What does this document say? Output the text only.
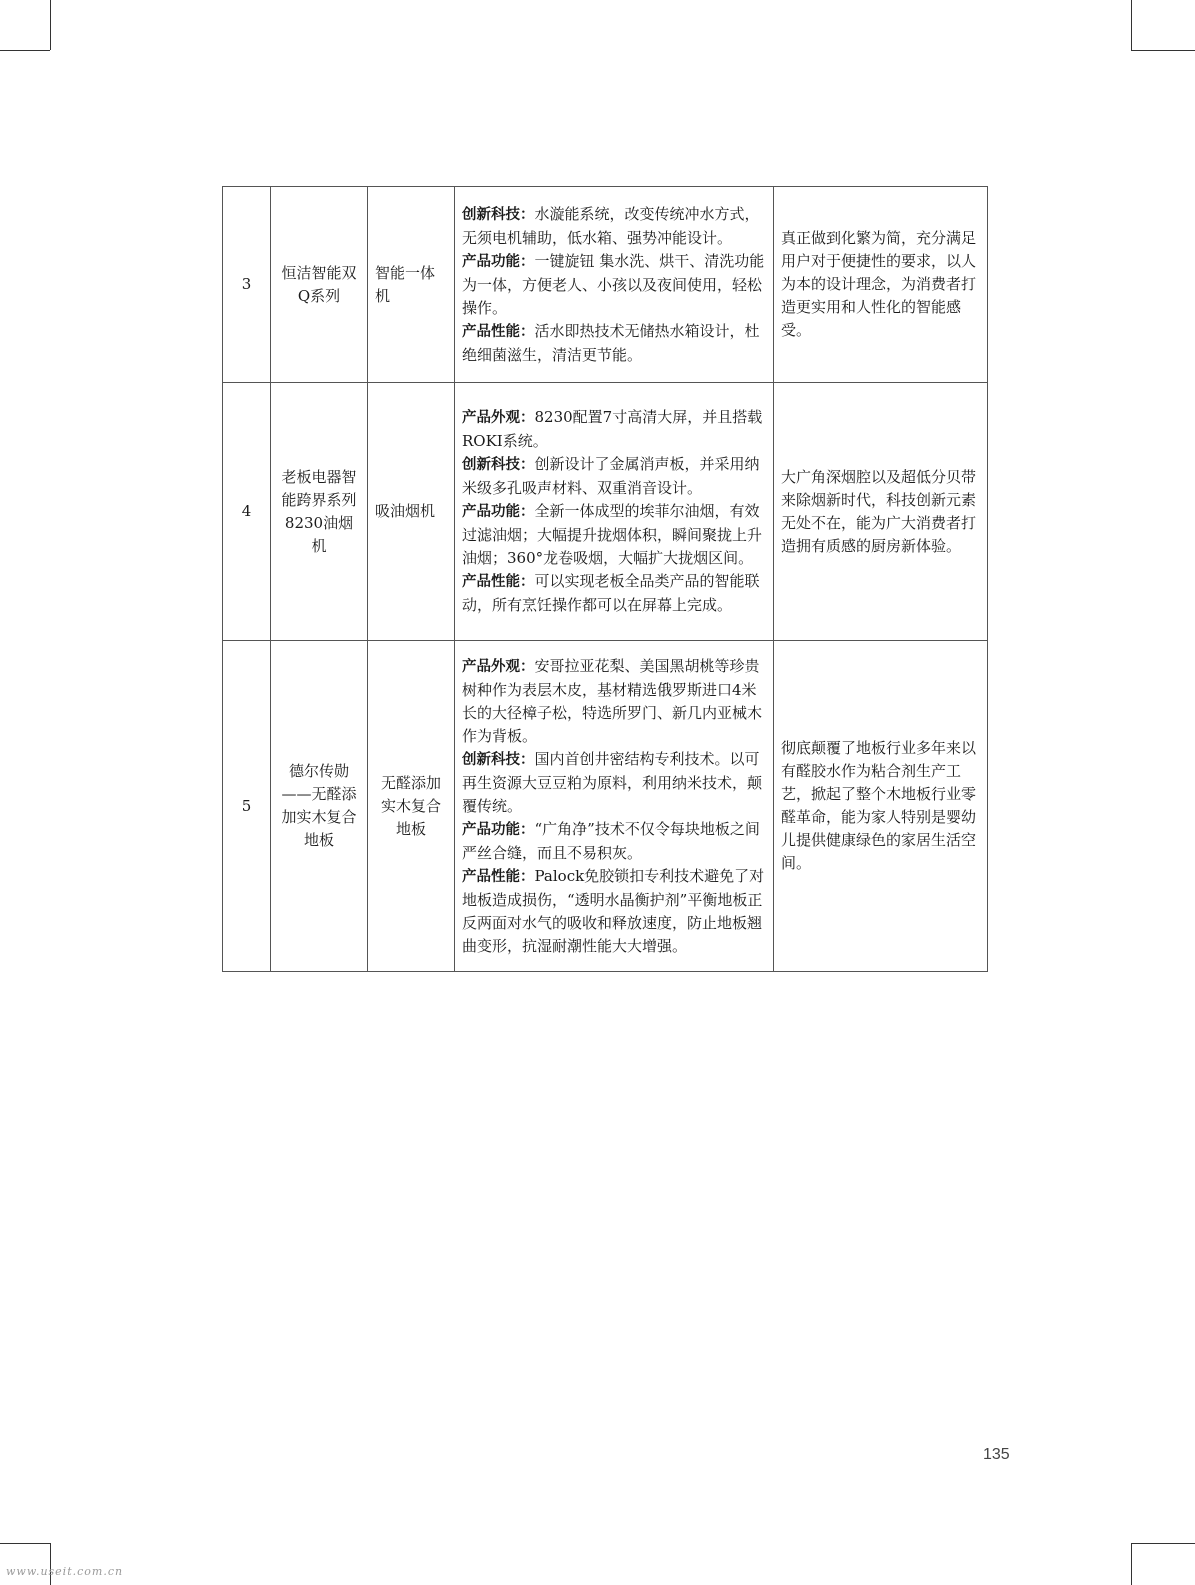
3	恒洁智能双Q系列	智能一体机	创新科技：水漩能系统，改变传统冲水方式，无须电机辅助，低水箱、强势冲能设计。
产品功能：一键旋钮 集水洗、烘干、清洗功能为一体，方便老人、小孩以及夜间使用，轻松操作。
产品性能：活水即热技术无储热水箱设计，杜绝细菌滋生，清洁更节能。	真正做到化繁为简，充分满足用户对于便捷性的要求，以人为本的设计理念，为消费者打造更实用和人性化的智能感受。
4	老板电器智能跨界系列8230油烟机	吸油烟机	产品外观：8230配置7寸高清大屏，并且搭载ROKI系统。
创新科技：创新设计了金属消声板，并采用纳米级多孔吸声材料、双重消音设计。
产品功能：全新一体成型的埃菲尔油烟，有效过滤油烟；大幅提升拢烟体积，瞬间聚拢上升油烟；360°龙卷吸烟，大幅扩大拢烟区间。
产品性能：可以实现老板全品类产品的智能联动，所有烹饪操作都可以在屏幕上完成。	大广角深烟腔以及超低分贝带来除烟新时代，科技创新元素无处不在，能为广大消费者打造拥有质感的厨房新体验。
5	德尔传勋——无醛添加实木复合地板	无醛添加实木复合地板	产品外观：安哥拉亚花梨、美国黑胡桃等珍贵树种作为表层木皮，基材精选俄罗斯进口4米长的大径樟子松，特选所罗门、新几内亚械木作为背板。
创新科技：国内首创井密结构专利技术。以可再生资源大豆豆粕为原料，利用纳米技术，颠覆传统。
产品功能：“广角净”技术不仅令每块地板之间严丝合缝，而且不易积灰。
产品性能：Palock免胶锁扣专利技术避免了对地板造成损伤，“透明水晶衡护剂”平衡地板正反两面对水气的吸收和释放速度，防止地板翘曲变形，抗湿耐潮性能大大增强。	彻底颠覆了地板行业多年来以有醛胶水作为粘合剂生产工艺，掀起了整个木地板行业零醛革命，能为家人特别是婴幼儿提供健康绿色的家居生活空间。
135
www.useit.com.cn
